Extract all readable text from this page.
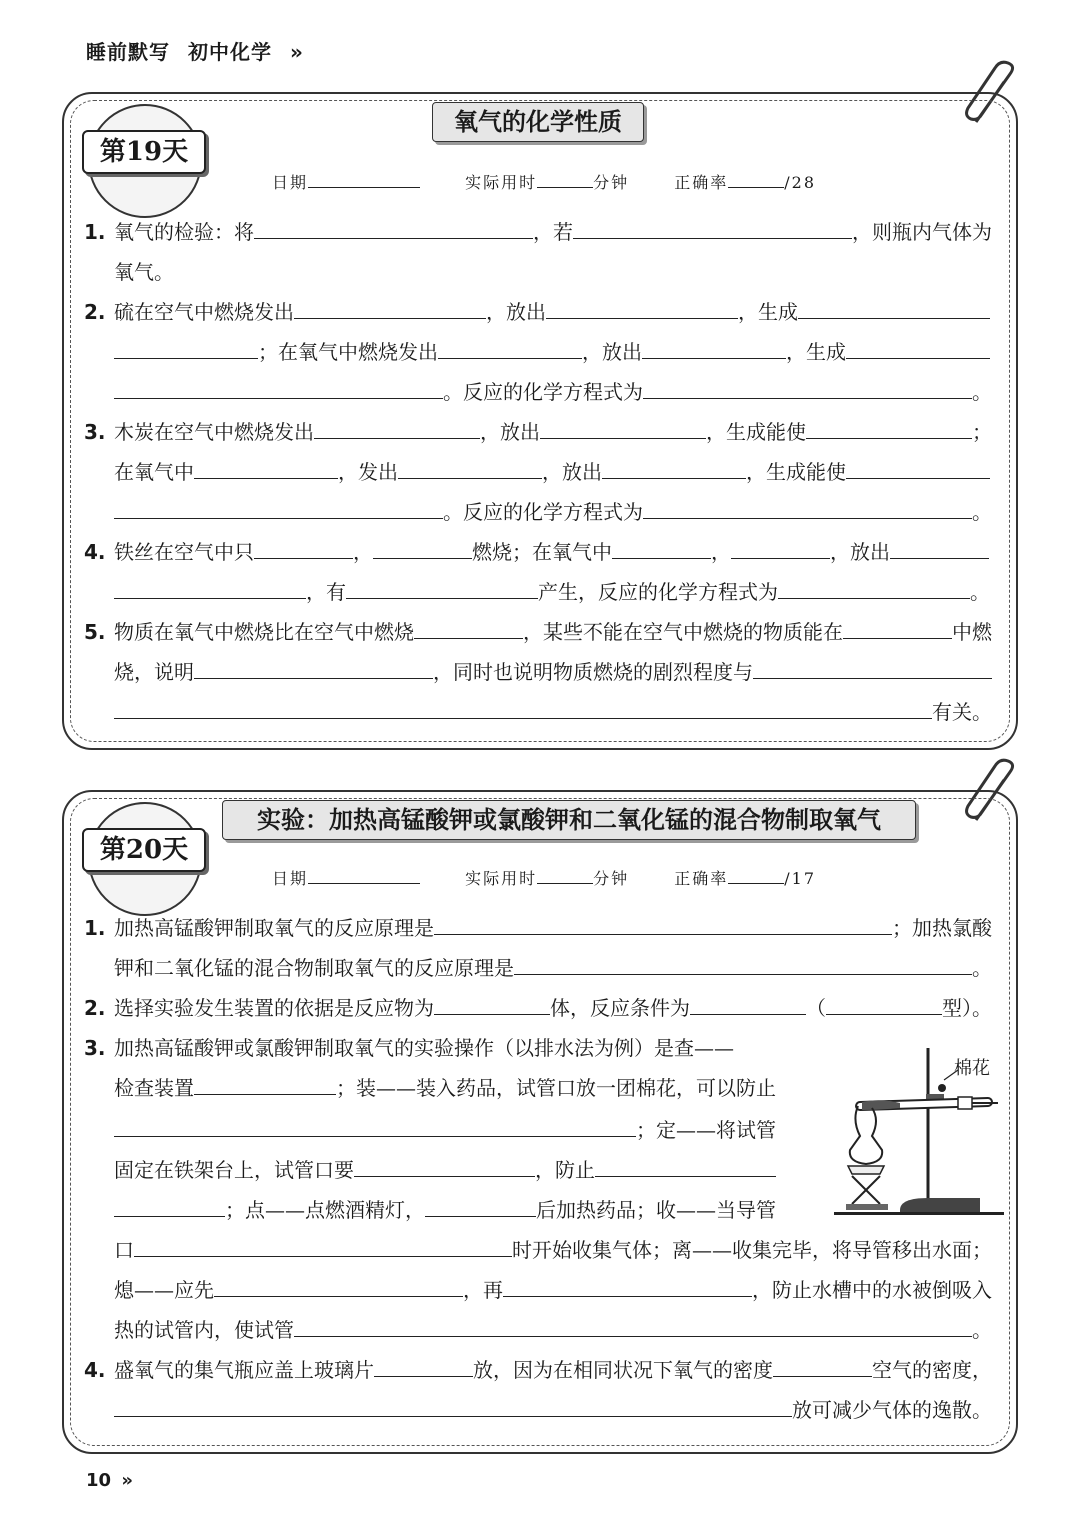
睡前默写 初中化学 »
氧气的化学性质
第19天
日期	实际用时	分钟	正确率	/28
1. 氧气的检验：将	，若	，则瓶内气体为
氧气。
2. 硫在空气中燃烧发出	，放出	，生成
；在氧气中燃烧发出	，放出	，生成
。反应的化学方程式为	。
3. 木炭在空气中燃烧发出	，放出	，生成能使	；
在氧气中	，发出	，放出	，生成能使
。反应的化学方程式为	。
4. 铁丝在空气中只	，	燃烧；在氧气中	，	，放出
，有	产生，反应的化学方程式为	。
5. 物质在氧气中燃烧比在空气中燃烧	，某些不能在空气中燃烧的物质能在	中燃
烧，说明	，同时也说明物质燃烧的剧烈程度与
有关。
实验：加热高锰酸钾或氯酸钾和二氧化锰的混合物制取氧气
第20天
日期	实际用时	分钟	正确率	/17
1. 加热高锰酸钾制取氧气的反应原理是	；加热氯酸
钾和二氧化锰的混合物制取氧气的反应原理是	。
2. 选择实验发生装置的依据是反应物为	体，反应条件为	（	型）。
3. 加热高锰酸钾或氯酸钾制取氧气的实验操作（以排水法为例）是查——
检查装置	；装——装入药品，试管口放一团棉花，可以防止
；定——将试管
固定在铁架台上，试管口要	，防止
；点——点燃酒精灯，	后加热药品；收——当导管
口	时开始收集气体；离——收集完毕，将导管移出水面；
熄——应先	，再	，防止水槽中的水被倒吸入
热的试管内，使试管	。
4. 盛氧气的集气瓶应盖上玻璃片	放，因为在相同状况下氧气的密度	空气的密度，
放可减少气体的逸散。
棉花
10 »
